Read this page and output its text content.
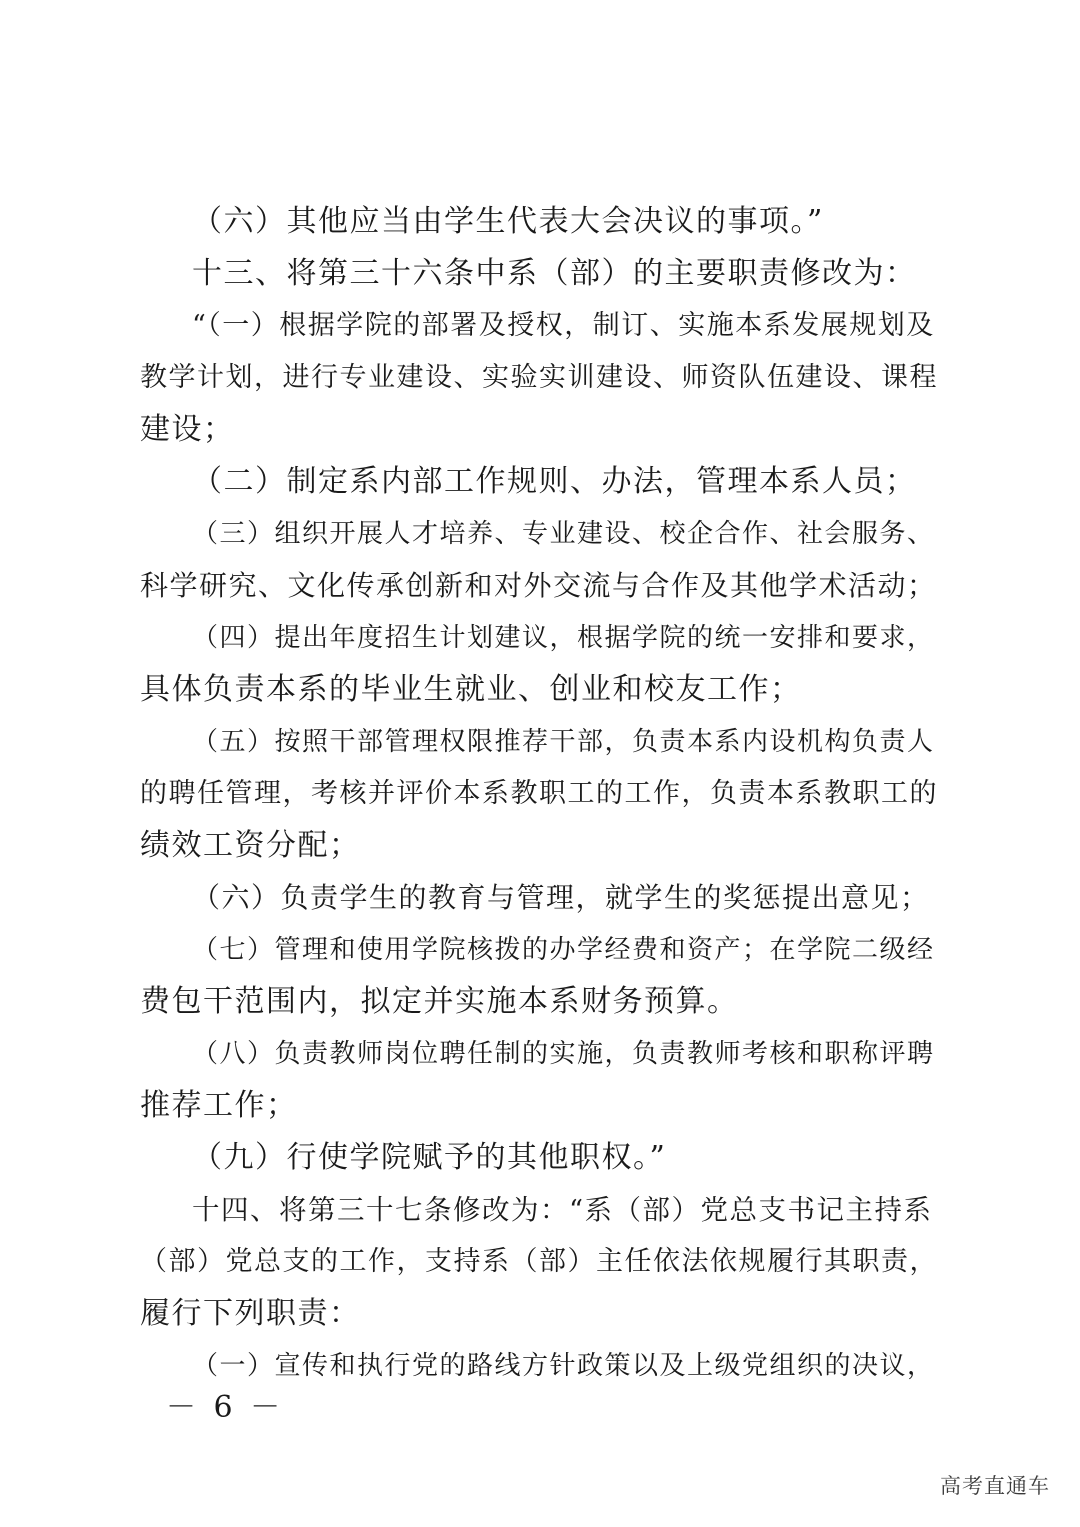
（六）其他应当由学生代表大会决议的事项。”
十三、将第三十六条中系（部）的主要职责修改为：
“（一）根据学院的部署及授权，制订、实施本系发展规划及
教学计划，进行专业建设、实验实训建设、师资队伍建设、课程
建设；
（二）制定系内部工作规则、办法，管理本系人员；
（三）组织开展人才培养、专业建设、校企合作、社会服务、
科学研究、文化传承创新和对外交流与合作及其他学术活动；
（四）提出年度招生计划建议，根据学院的统一安排和要求，
具体负责本系的毕业生就业、创业和校友工作；
（五）按照干部管理权限推荐干部，负责本系内设机构负责人
的聘任管理，考核并评价本系教职工的工作，负责本系教职工的
绩效工资分配；
（六）负责学生的教育与管理，就学生的奖惩提出意见；
（七）管理和使用学院核拨的办学经费和资产；在学院二级经
费包干范围内，拟定并实施本系财务预算。
（八）负责教师岗位聘任制的实施，负责教师考核和职称评聘
推荐工作；
（九）行使学院赋予的其他职权。”
十四、将第三十七条修改为：“系（部）党总支书记主持系
（部）党总支的工作，支持系（部）主任依法依规履行其职责，
履行下列职责：
（一）宣传和执行党的路线方针政策以及上级党组织的决议，
－ 6 －
高考直通车
